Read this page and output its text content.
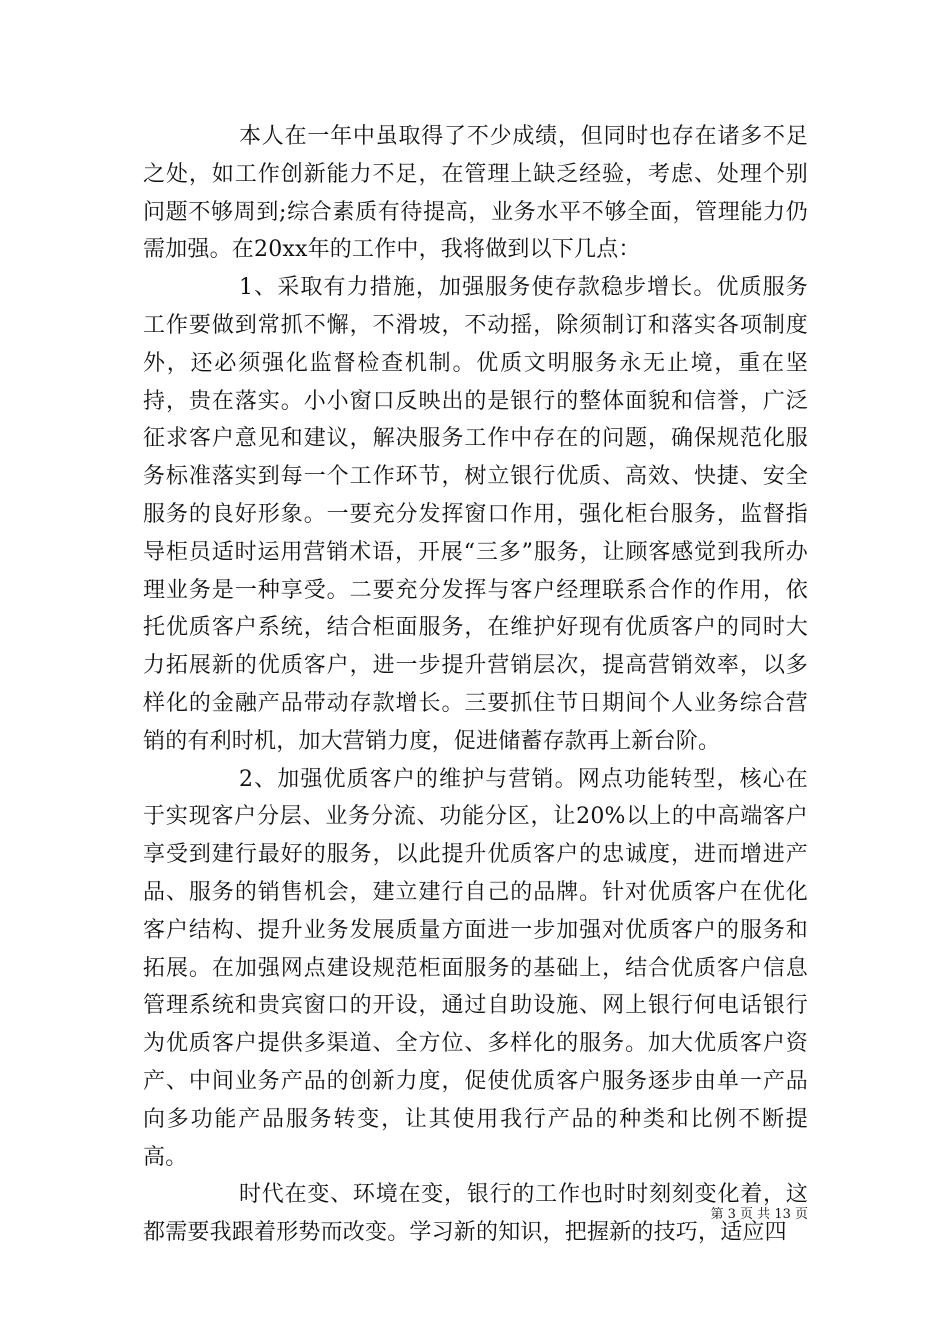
本人在一年中虽取得了不少成绩，但同时也存在诸多不足之处，如工作创新能力不足，在管理上缺乏经验，考虑、处理个别问题不够周到;综合素质有待提高，业务水平不够全面，管理能力仍需加强。在20xx年的工作中，我将做到以下几点：

1、采取有力措施，加强服务使存款稳步增长。优质服务工作要做到常抓不懈，不滑坡，不动摇，除须制订和落实各项制度外，还必须强化监督检查机制。优质文明服务永无止境，重在坚持，贵在落实。小小窗口反映出的是银行的整体面貌和信誉，广泛征求客户意见和建议，解决服务工作中存在的问题，确保规范化服务标准落实到每一个工作环节，树立银行优质、高效、快捷、安全服务的良好形象。一要充分发挥窗口作用，强化柜台服务，监督指导柜员适时运用营销术语，开展“三多”服务，让顾客感觉到我所办理业务是一种享受。二要充分发挥与客户经理联系合作的作用，依托优质客户系统，结合柜面服务，在维护好现有优质客户的同时大力拓展新的优质客户，进一步提升营销层次，提高营销效率，以多样化的金融产品带动存款增长。三要抓住节日期间个人业务综合营销的有利时机，加大营销力度，促进储蓄存款再上新台阶。

2、加强优质客户的维护与营销。网点功能转型，核心在于实现客户分层、业务分流、功能分区，让20%以上的中高端客户享受到建行最好的服务，以此提升优质客户的忠诚度，进而增进产品、服务的销售机会，建立建行自己的品牌。针对优质客户在优化客户结构、提升业务发展质量方面进一步加强对优质客户的服务和拓展。在加强网点建设规范柜面服务的基础上，结合优质客户信息管理系统和贵宾窗口的开设，通过自助设施、网上银行何电话银行为优质客户提供多渠道、全方位、多样化的服务。加大优质客户资产、中间业务产品的创新力度，促使优质客户服务逐步由单一产品向多功能产品服务转变，让其使用我行产品的种类和比例不断提高。

时代在变、环境在变，银行的工作也时时刻刻变化着，这都需要我跟着形势而改变。学习新的知识，把握新的技巧，适应四

第 3 页 共 13 页
